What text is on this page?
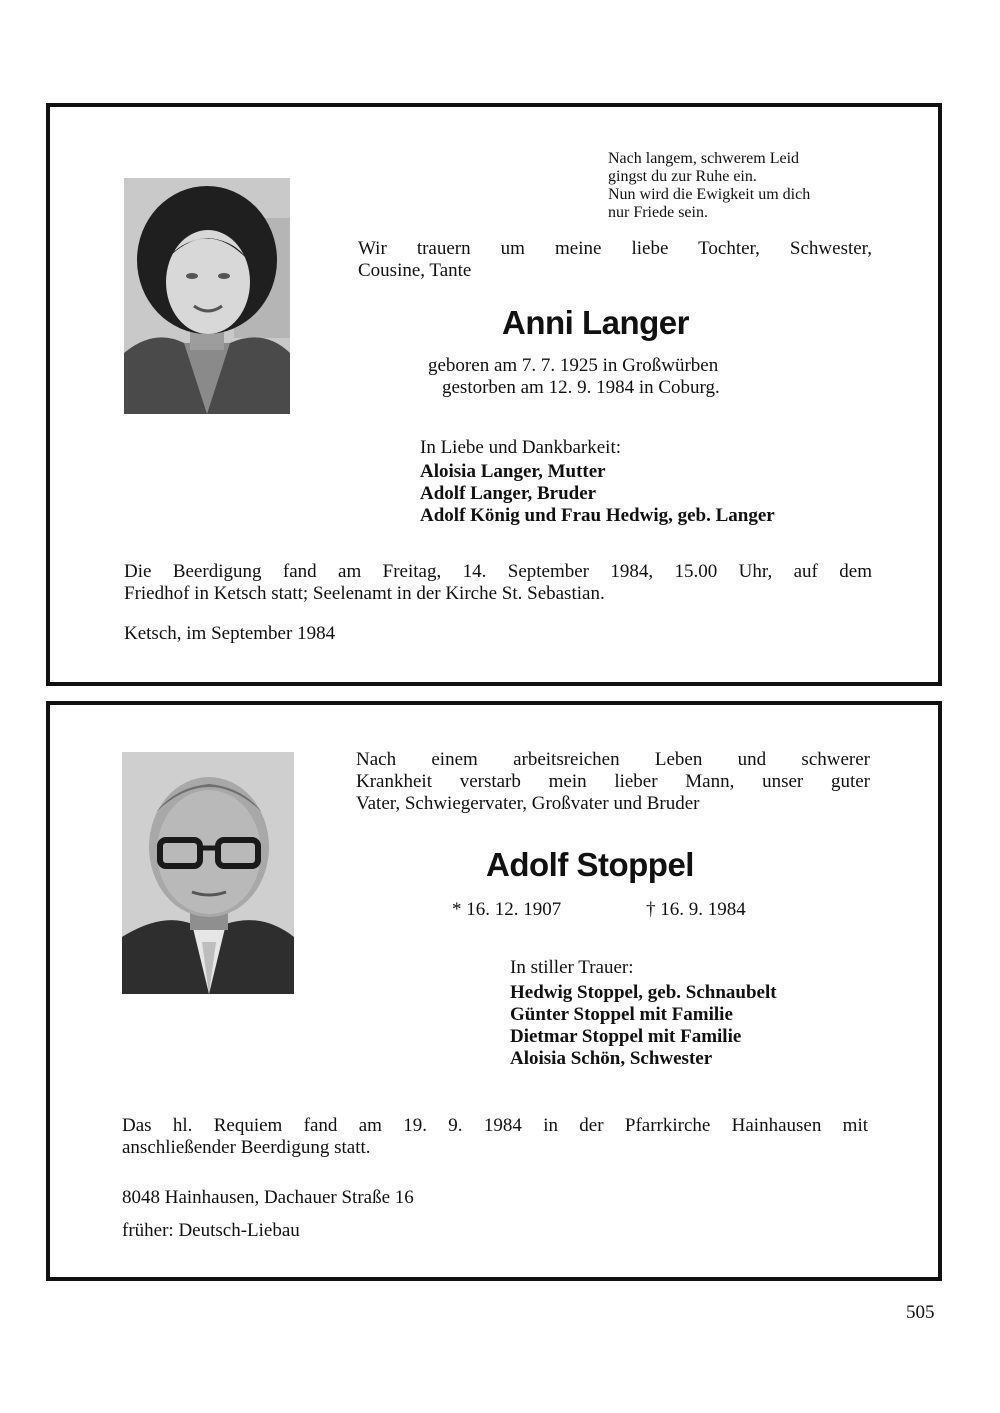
Nach langem, schwerem Leid
gingst du zur Ruhe ein.
Nun wird die Ewigkeit um dich
nur Friede sein.
Wir trauern um meine liebe Tochter, Schwester,
Cousine, Tante
Anni Langer
geboren am 7. 7. 1925 in Großwürben
gestorben am 12. 9. 1984 in Coburg.
In Liebe und Dankbarkeit:
Aloisia Langer, Mutter
Adolf Langer, Bruder
Adolf König und Frau Hedwig, geb. Langer
Die Beerdigung fand am Freitag, 14. September 1984, 15.00 Uhr, auf dem
Friedhof in Ketsch statt; Seelenamt in der Kirche St. Sebastian.
Ketsch, im September 1984
Nach einem arbeitsreichen Leben und schwerer
Krankheit verstarb mein lieber Mann, unser guter
Vater, Schwiegervater, Großvater und Bruder
Adolf Stoppel
* 16. 12. 1907	† 16. 9. 1984
In stiller Trauer:
Hedwig Stoppel, geb. Schnaubelt
Günter Stoppel mit Familie
Dietmar Stoppel mit Familie
Aloisia Schön, Schwester
Das hl. Requiem fand am 19. 9. 1984 in der Pfarrkirche Hainhausen mit
anschließender Beerdigung statt.
8048 Hainhausen, Dachauer Straße 16
früher: Deutsch-Liebau
505
